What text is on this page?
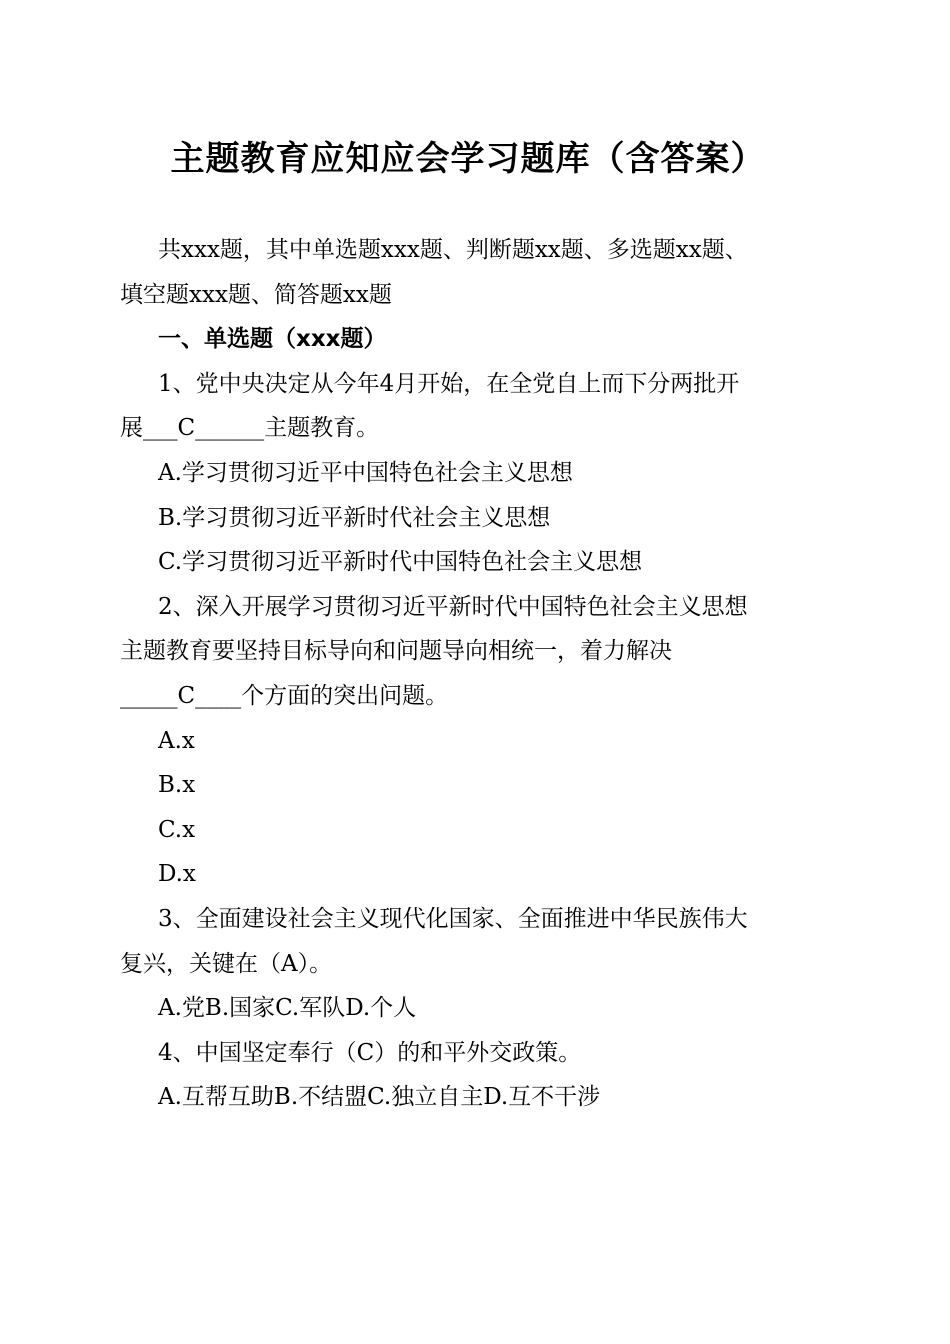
主题教育应知应会学习题库（含答案）
共xxx题，其中单选题xxx题、判断题xx题、多选题xx题、
填空题xxx题、简答题xx题
一、单选题（xxx题）
1、党中央决定从今年4月开始，在全党自上而下分两批开
展___C______主题教育。
A.学习贯彻习近平中国特色社会主义思想
B.学习贯彻习近平新时代社会主义思想
C.学习贯彻习近平新时代中国特色社会主义思想
2、深入开展学习贯彻习近平新时代中国特色社会主义思想
主题教育要坚持目标导向和问题导向相统一，着力解决
_____C____个方面的突出问题。
A.x
B.x
C.x
D.x
3、全面建设社会主义现代化国家、全面推进中华民族伟大
复兴，关键在（A）。
A.党B.国家C.军队D.个人
4、中国坚定奉行（C）的和平外交政策。
A.互帮互助B.不结盟C.独立自主D.互不干涉
